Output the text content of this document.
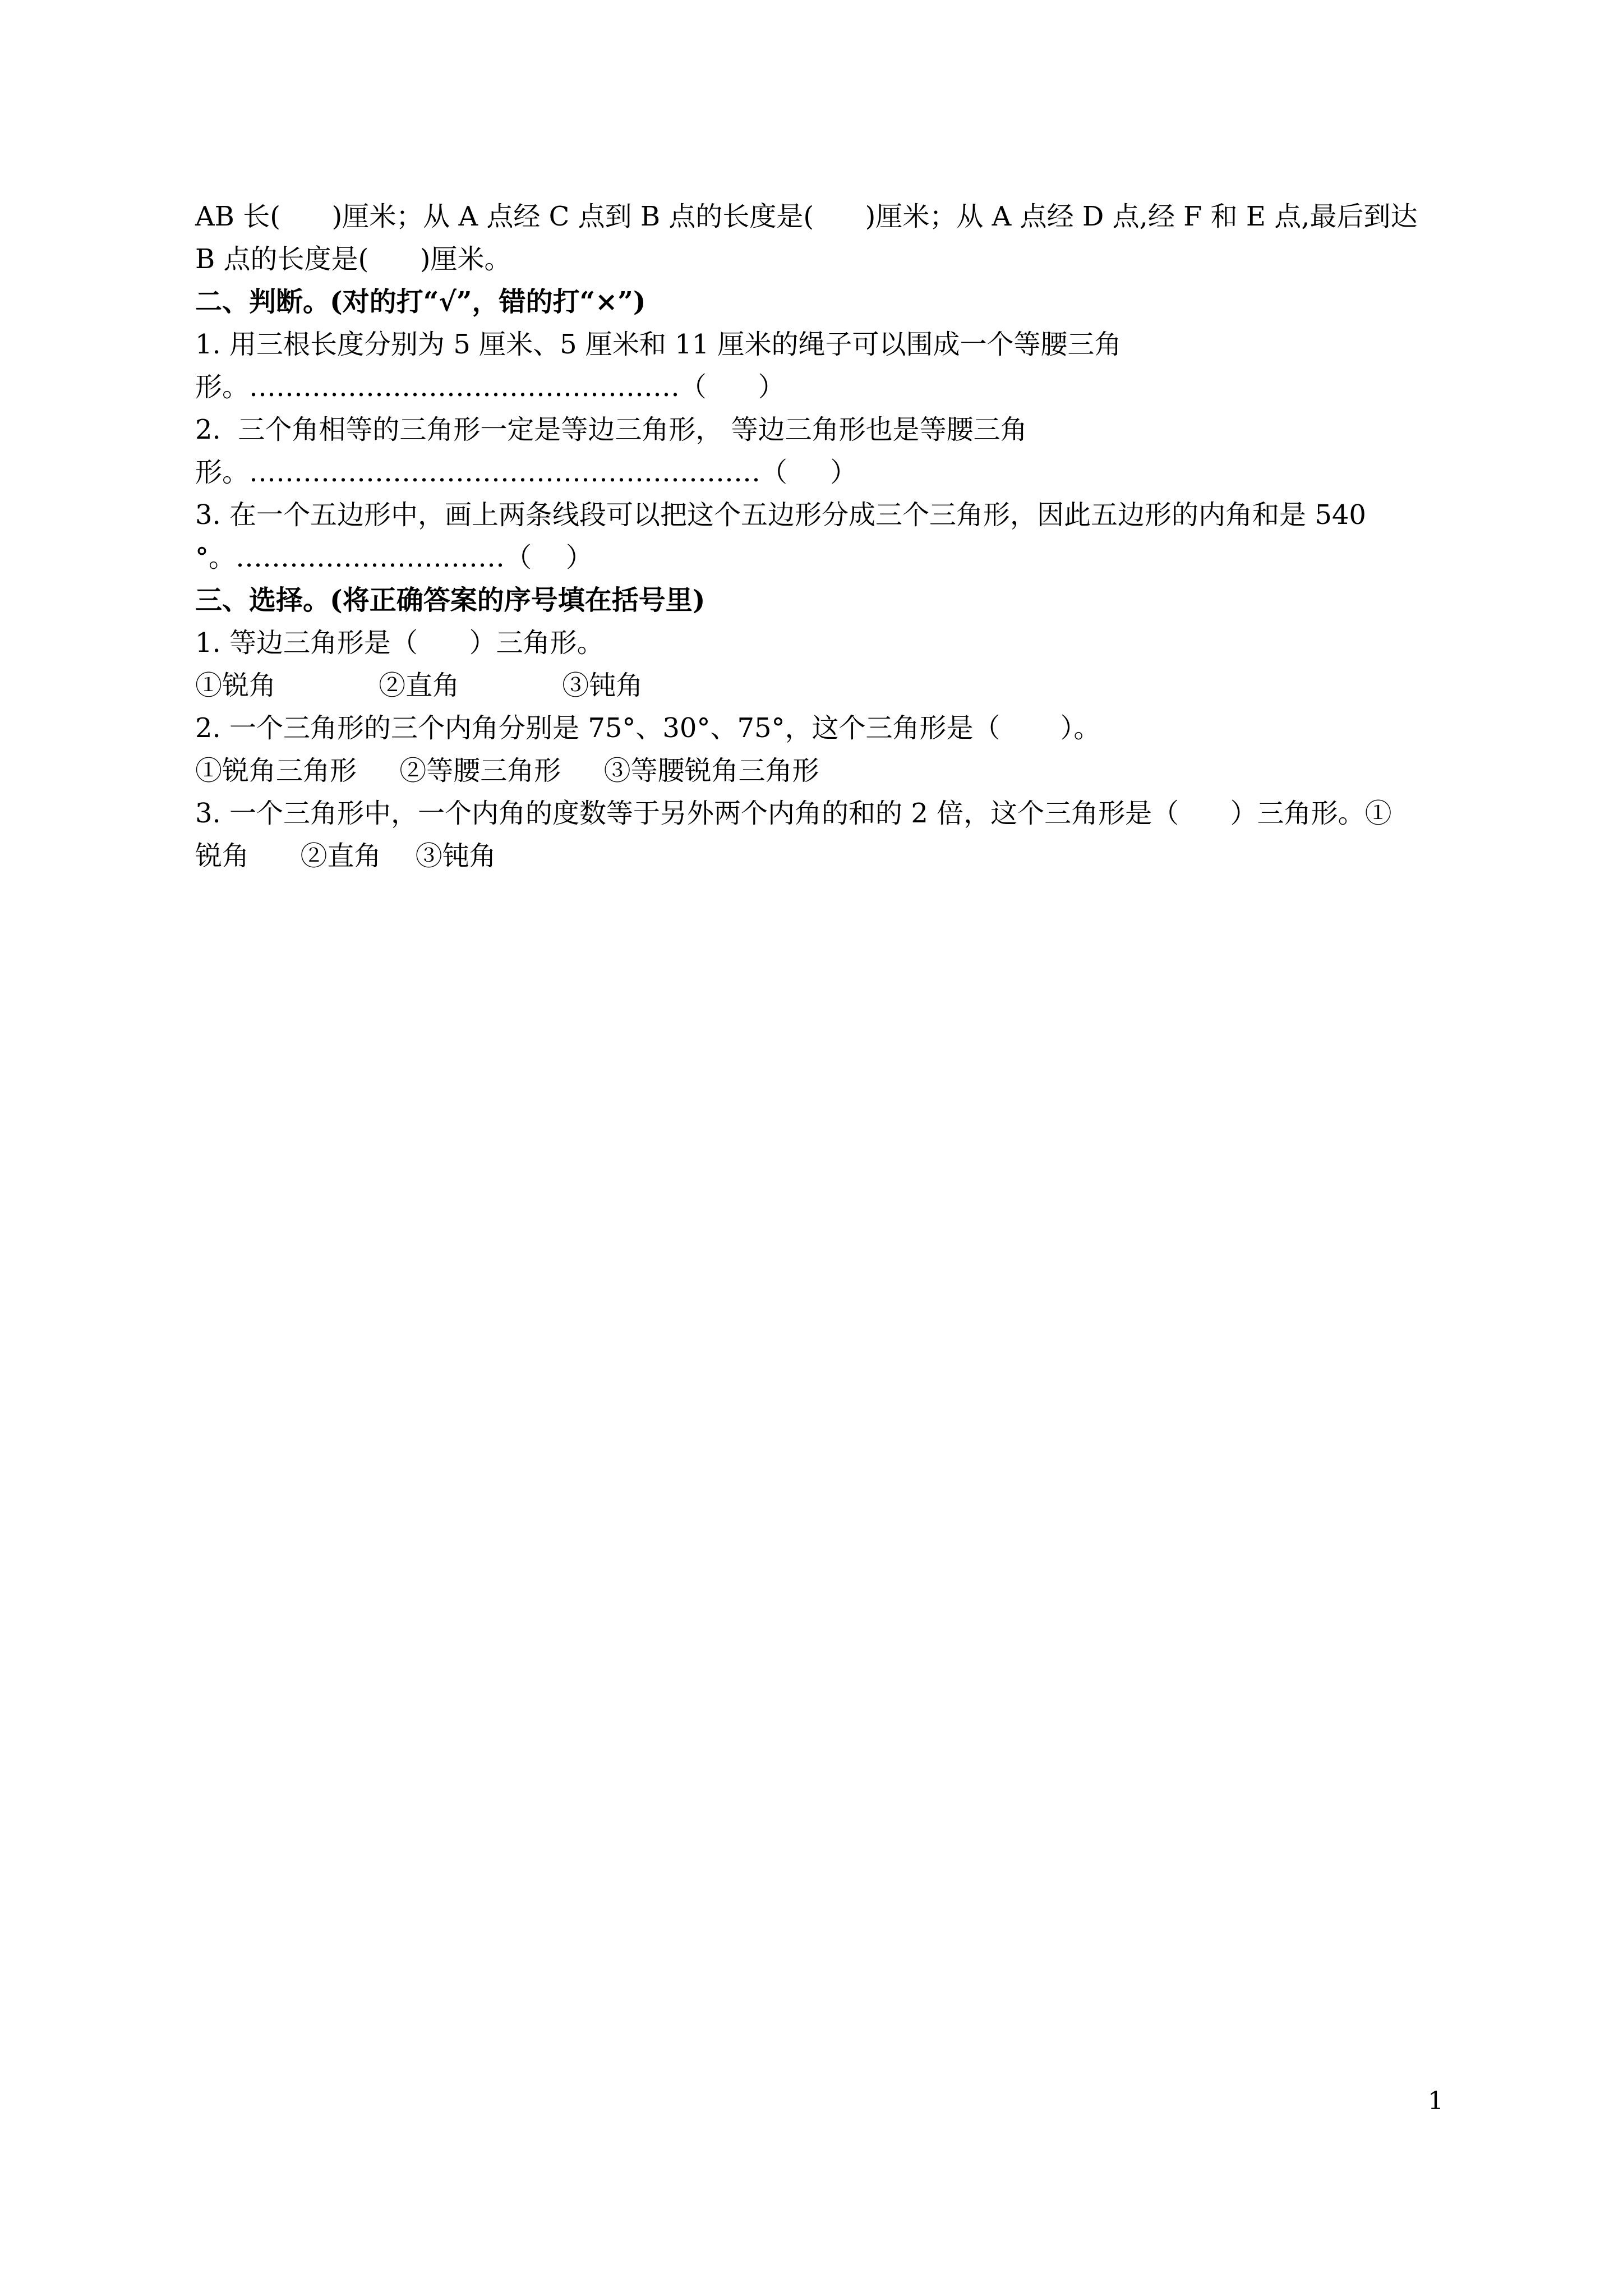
AB 长(      )厘米；从 A 点经 C 点到 B 点的长度是(      )厘米；从 A 点经 D 点,经 F 和 E 点,最后到达

B 点的长度是(      )厘米。

二、判断。(对的打“√”，错的打“×”)

1. 用三根长度分别为 5 厘米、5 厘米和 11 厘米的绳子可以围成一个等腰三角

形。…………………………………………（      ）

2.  三个角相等的三角形一定是等边三角形， 等边三角形也是等腰三角

形。…………………………………………………（     ）

3. 在一个五边形中，画上两条线段可以把这个五边形分成三个三角形，因此五边形的内角和是 540

°。…………………………（    ）

三、选择。(将正确答案的序号填在括号里)

1. 等边三角形是（      ）三角形。

①锐角            ②直角            ③钝角

2. 一个三角形的三个内角分别是 75°、30°、75°，这个三角形是（       ）。

①锐角三角形     ②等腰三角形     ③等腰锐角三角形

3. 一个三角形中，一个内角的度数等于另外两个内角的和的 2 倍，这个三角形是（      ）三角形。①

锐角      ②直角    ③钝角

1
